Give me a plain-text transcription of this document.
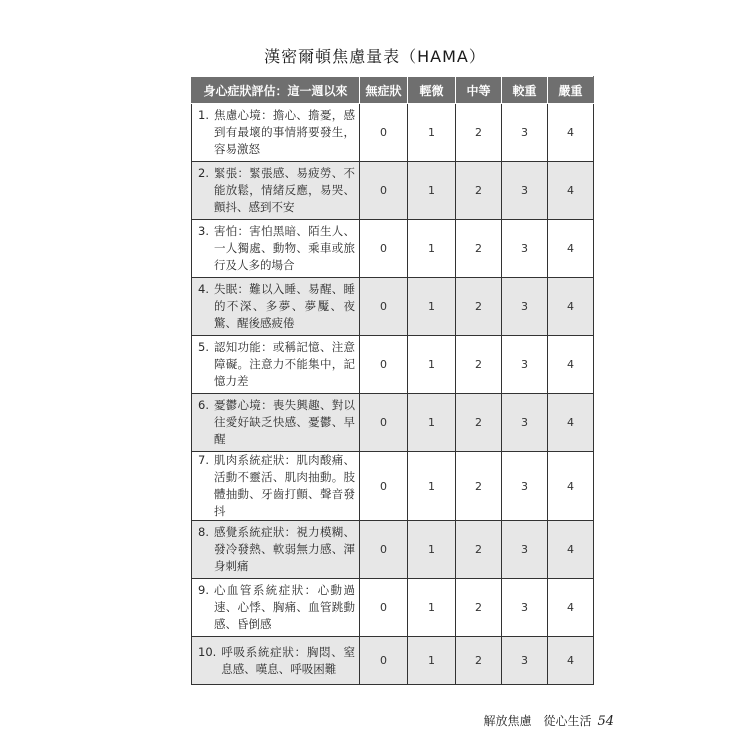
漢密爾頓焦慮量表（HAMA）
身心症狀評估：這一週以來	無症狀	輕微	中等	較重	嚴重

1. 焦慮心境：擔心、擔憂，感到有最壞的事情將要發生，容易激怒	0	1	2	3	4

2. 緊張：緊張感、易疲勞、不能放鬆，情緒反應，易哭、顫抖、感到不安	0	1	2	3	4

3. 害怕：害怕黑暗、陌生人、一人獨處、動物、乘車或旅行及人多的場合	0	1	2	3	4

4. 失眠：難以入睡、易醒、睡的不深、多夢、夢魘、夜驚、醒後感疲倦	0	1	2	3	4

5. 認知功能：或稱記憶、注意障礙。注意力不能集中，記憶力差	0	1	2	3	4

6. 憂鬱心境：喪失興趣、對以往愛好缺乏快感、憂鬱、早醒	0	1	2	3	4

7. 肌肉系統症狀：肌肉酸痛、活動不靈活、肌肉抽動。肢體抽動、牙齒打顫、聲音發抖	0	1	2	3	4

8. 感覺系統症狀：視力模糊、發冷發熱、軟弱無力感、渾身刺痛	0	1	2	3	4

9. 心血管系統症狀：心動過速、心悸、胸痛、血管跳動感、昏倒感	0	1	2	3	4

10. 呼吸系統症狀：胸悶、窒息感、嘆息、呼吸困難	0	1	2	3	4
解放焦慮　從心生活 54
